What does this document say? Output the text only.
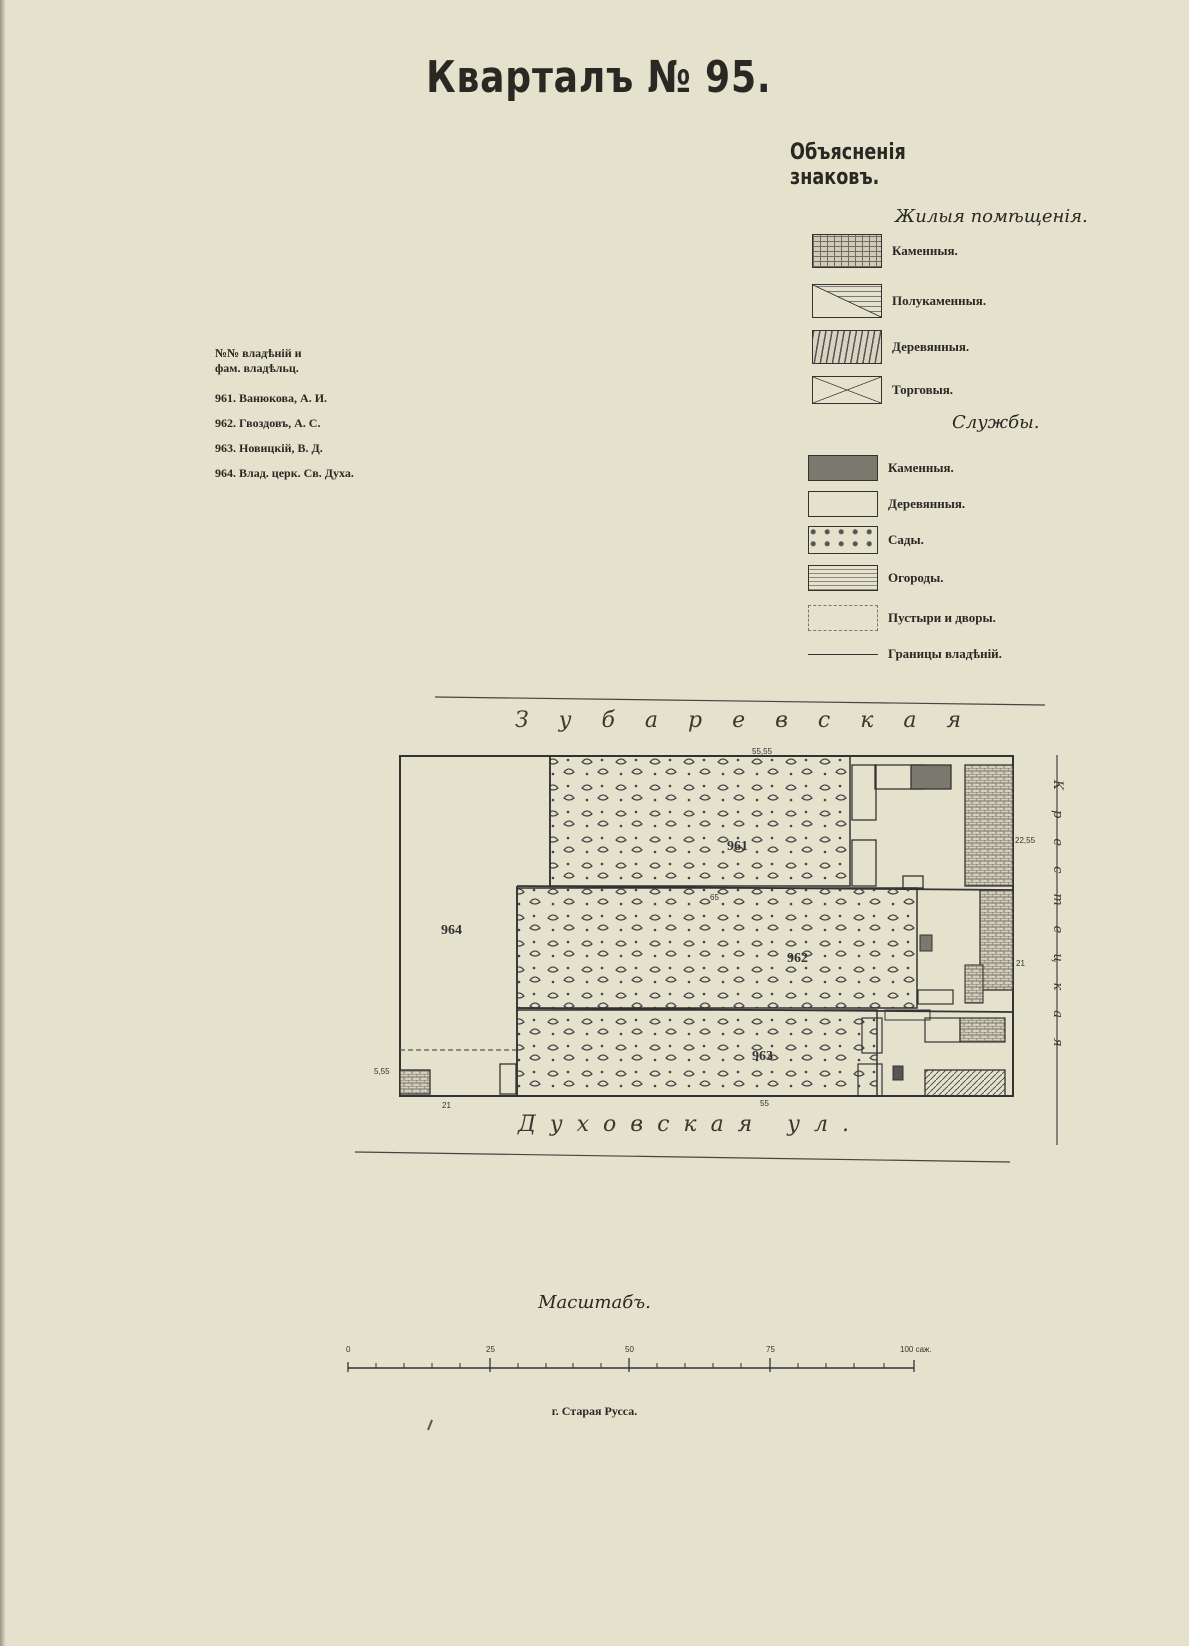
Кварталъ № 95.
Объясненія знаковъ.
Жилыя помѣщенія.
Каменныя.
Полукаменныя.
Деревянныя.
Торговыя.
Службы.
Каменныя.
Деревянныя.
Сады.
Огороды.
Пустыри и дворы.
Границы владѣній.
№№ владѣній и
фам. владѣльц.
961. Ванюкова, А. И.
962. Гвоздовъ, А. С.
963. Новицкій, В. Д.
964. Влад. церк. Св. Духа.
961
962
963
964
55,55
22,55
65
21
5,55
21	55
0	25	50	75	100 саж.
Зубаревская
Духовская ул.
Крестецкая
Масштабъ.
г. Старая Русса.
